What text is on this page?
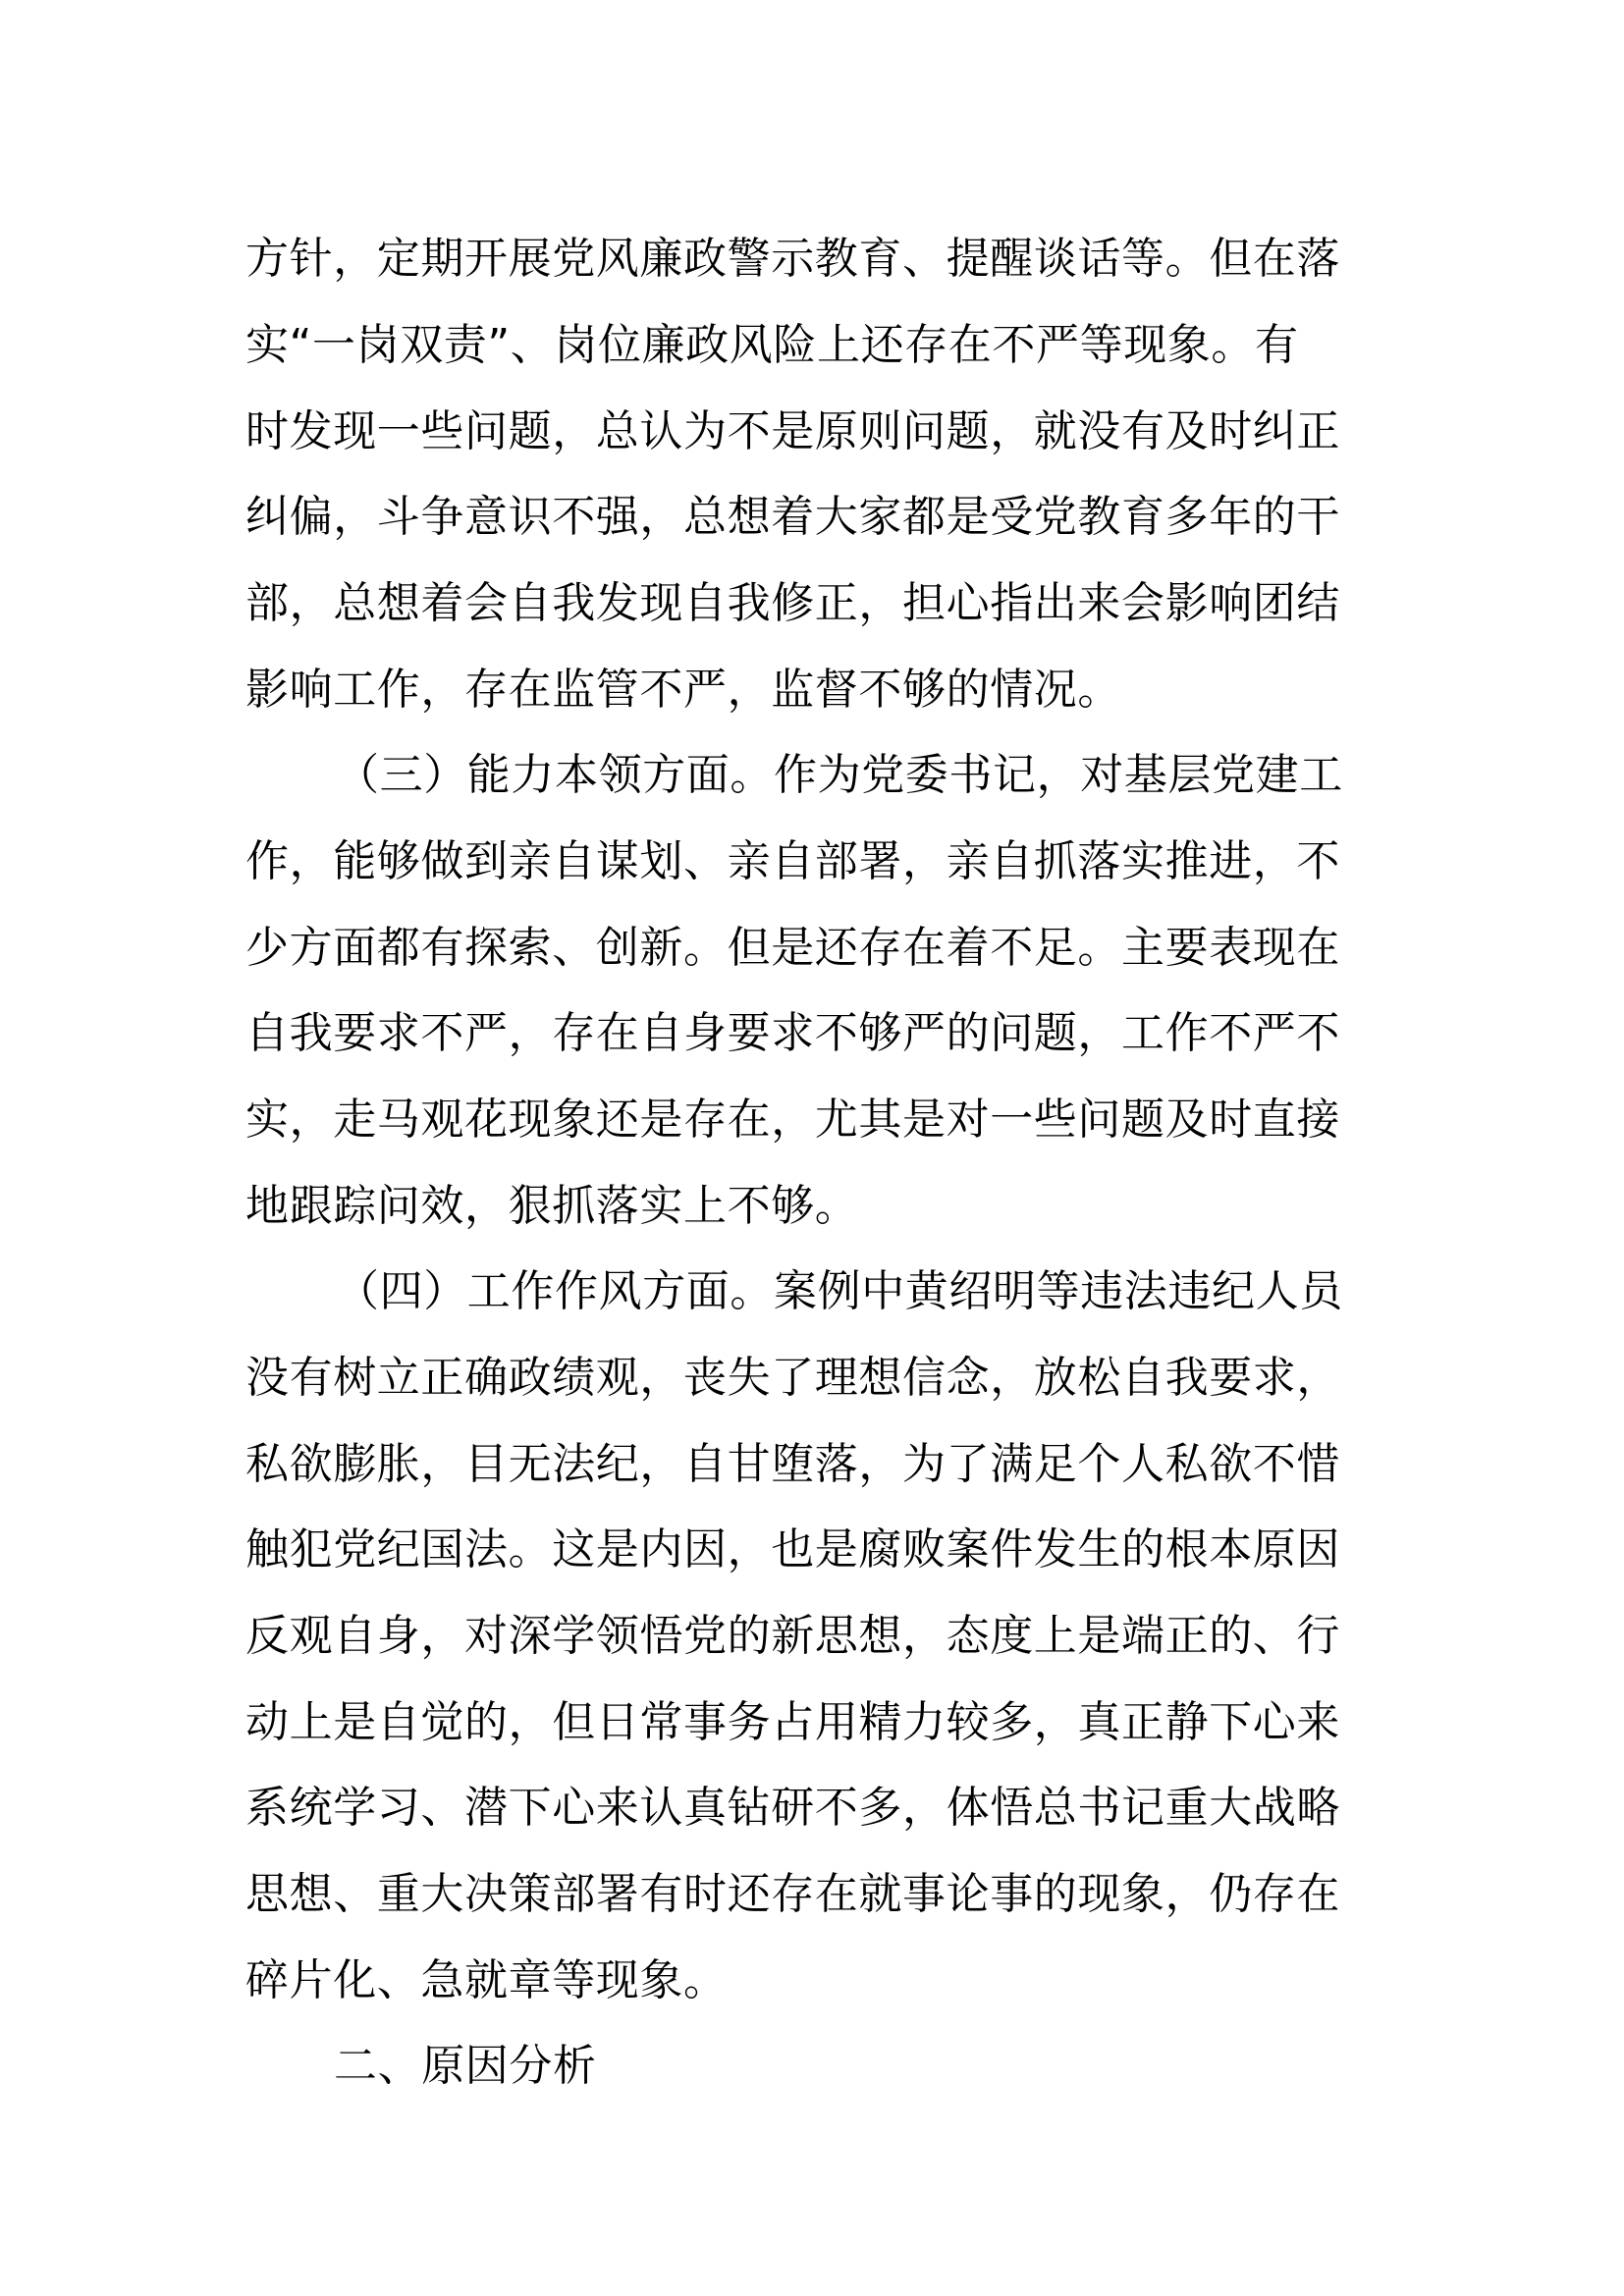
方针，定期开展党风廉政警示教育、提醒谈话等。但在落

实“一岗双责”、岗位廉政风险上还存在不严等现象。有

时发现一些问题，总认为不是原则问题，就没有及时纠正

纠偏，斗争意识不强，总想着大家都是受党教育多年的干

部，总想着会自我发现自我修正，担心指出来会影响团结

影响工作，存在监管不严，监督不够的情况。

（三）能力本领方面。作为党委书记，对基层党建工

作，能够做到亲自谋划、亲自部署，亲自抓落实推进，不

少方面都有探索、创新。但是还存在着不足。主要表现在

自我要求不严，存在自身要求不够严的问题，工作不严不

实，走马观花现象还是存在，尤其是对一些问题及时直接

地跟踪问效，狠抓落实上不够。

（四）工作作风方面。案例中黄绍明等违法违纪人员

没有树立正确政绩观，丧失了理想信念，放松自我要求，

私欲膨胀，目无法纪，自甘堕落，为了满足个人私欲不惜

触犯党纪国法。这是内因，也是腐败案件发生的根本原因

反观自身，对深学领悟党的新思想，态度上是端正的、行

动上是自觉的，但日常事务占用精力较多，真正静下心来

系统学习、潜下心来认真钻研不多，体悟总书记重大战略

思想、重大决策部署有时还存在就事论事的现象，仍存在

碎片化、急就章等现象。

二、原因分析
